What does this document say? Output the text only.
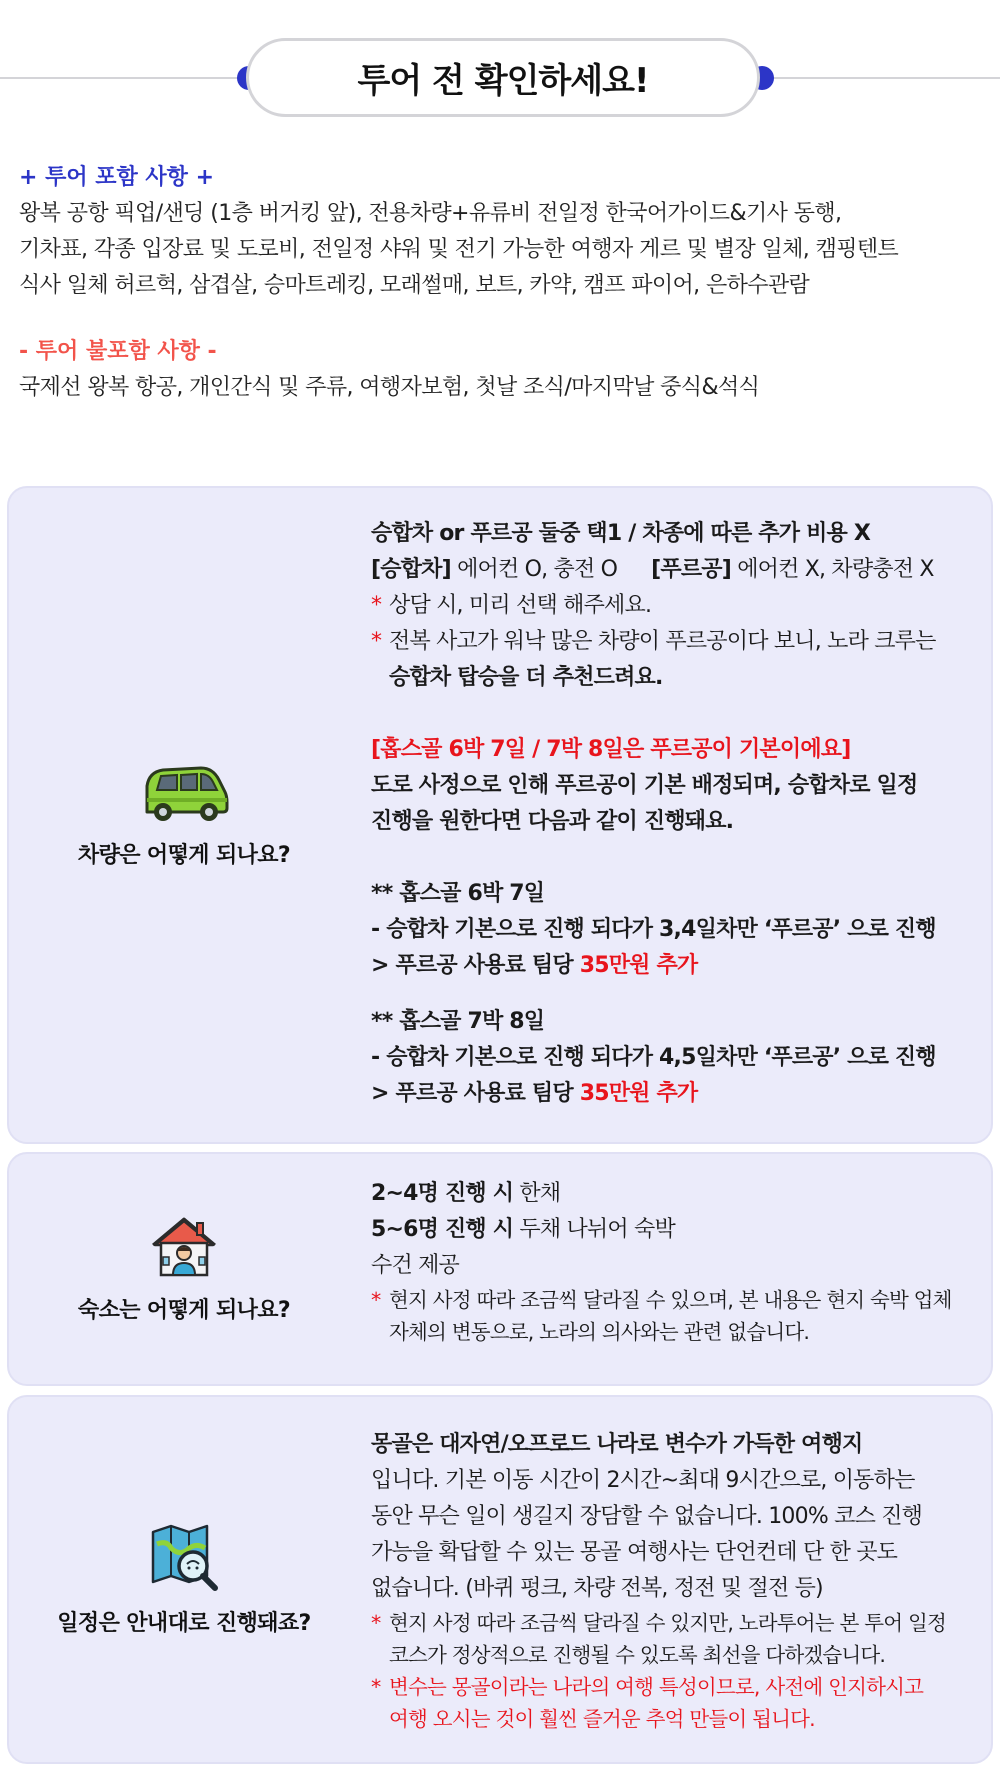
투어 전 확인하세요!
+ 투어 포함 사항 +
왕복 공항 픽업/샌딩 (1층 버거킹 앞), 전용차량+유류비 전일정 한국어가이드&기사 동행,
기차표, 각종 입장료 및 도로비, 전일정 샤워 및 전기 가능한 여행자 게르 및 별장 일체, 캠핑텐트
식사 일체 허르헉, 삼겹살, 승마트레킹, 모래썰매, 보트, 카약, 캠프 파이어, 은하수관람
- 투어 불포함 사항 -
국제선 왕복 항공, 개인간식 및 주류, 여행자보험, 첫날 조식/마지막날 중식&석식
차량은 어떻게 되나요?
승합차 or 푸르공 둘중 택1 / 차종에 따른 추가 비용 X
[승합차] 에어컨 O, 충전 O [푸르공] 에어컨 X, 차량충전 X
* 상담 시, 미리 선택 해주세요.
* 전복 사고가 워낙 많은 차량이 푸르공이다 보니, 노라 크루는
승합차 탑승을 더 추천드려요.
[홉스골 6박 7일 / 7박 8일은 푸르공이 기본이에요]
도로 사정으로 인해 푸르공이 기본 배정되며, 승합차로 일정
진행을 원한다면 다음과 같이 진행돼요.
** 홉스골 6박 7일
- 승합차 기본으로 진행 되다가 3,4일차만 ‘푸르공’ 으로 진행
> 푸르공 사용료 팀당 35만원 추가
** 홉스골 7박 8일
- 승합차 기본으로 진행 되다가 4,5일차만 ‘푸르공’ 으로 진행
> 푸르공 사용료 팀당 35만원 추가
숙소는 어떻게 되나요?
2~4명 진행 시 한채
5~6명 진행 시 두채 나뉘어 숙박
수건 제공
* 현지 사정 따라 조금씩 달라질 수 있으며, 본 내용은 현지 숙박 업체
자체의 변동으로, 노라의 의사와는 관련 없습니다.
일정은 안내대로 진행돼죠?
몽골은 대자연/오프로드 나라로 변수가 가득한 여행지
입니다. 기본 이동 시간이 2시간~최대 9시간으로, 이동하는
동안 무슨 일이 생길지 장담할 수 없습니다. 100% 코스 진행
가능을 확답할 수 있는 몽골 여행사는 단언컨데 단 한 곳도
없습니다. (바퀴 펑크, 차량 전복, 정전 및 절전 등)
* 현지 사정 따라 조금씩 달라질 수 있지만, 노라투어는 본 투어 일정
코스가 정상적으로 진행될 수 있도록 최선을 다하겠습니다.
* 변수는 몽골이라는 나라의 여행 특성이므로, 사전에 인지하시고
여행 오시는 것이 훨씬 즐거운 추억 만들이 됩니다.
